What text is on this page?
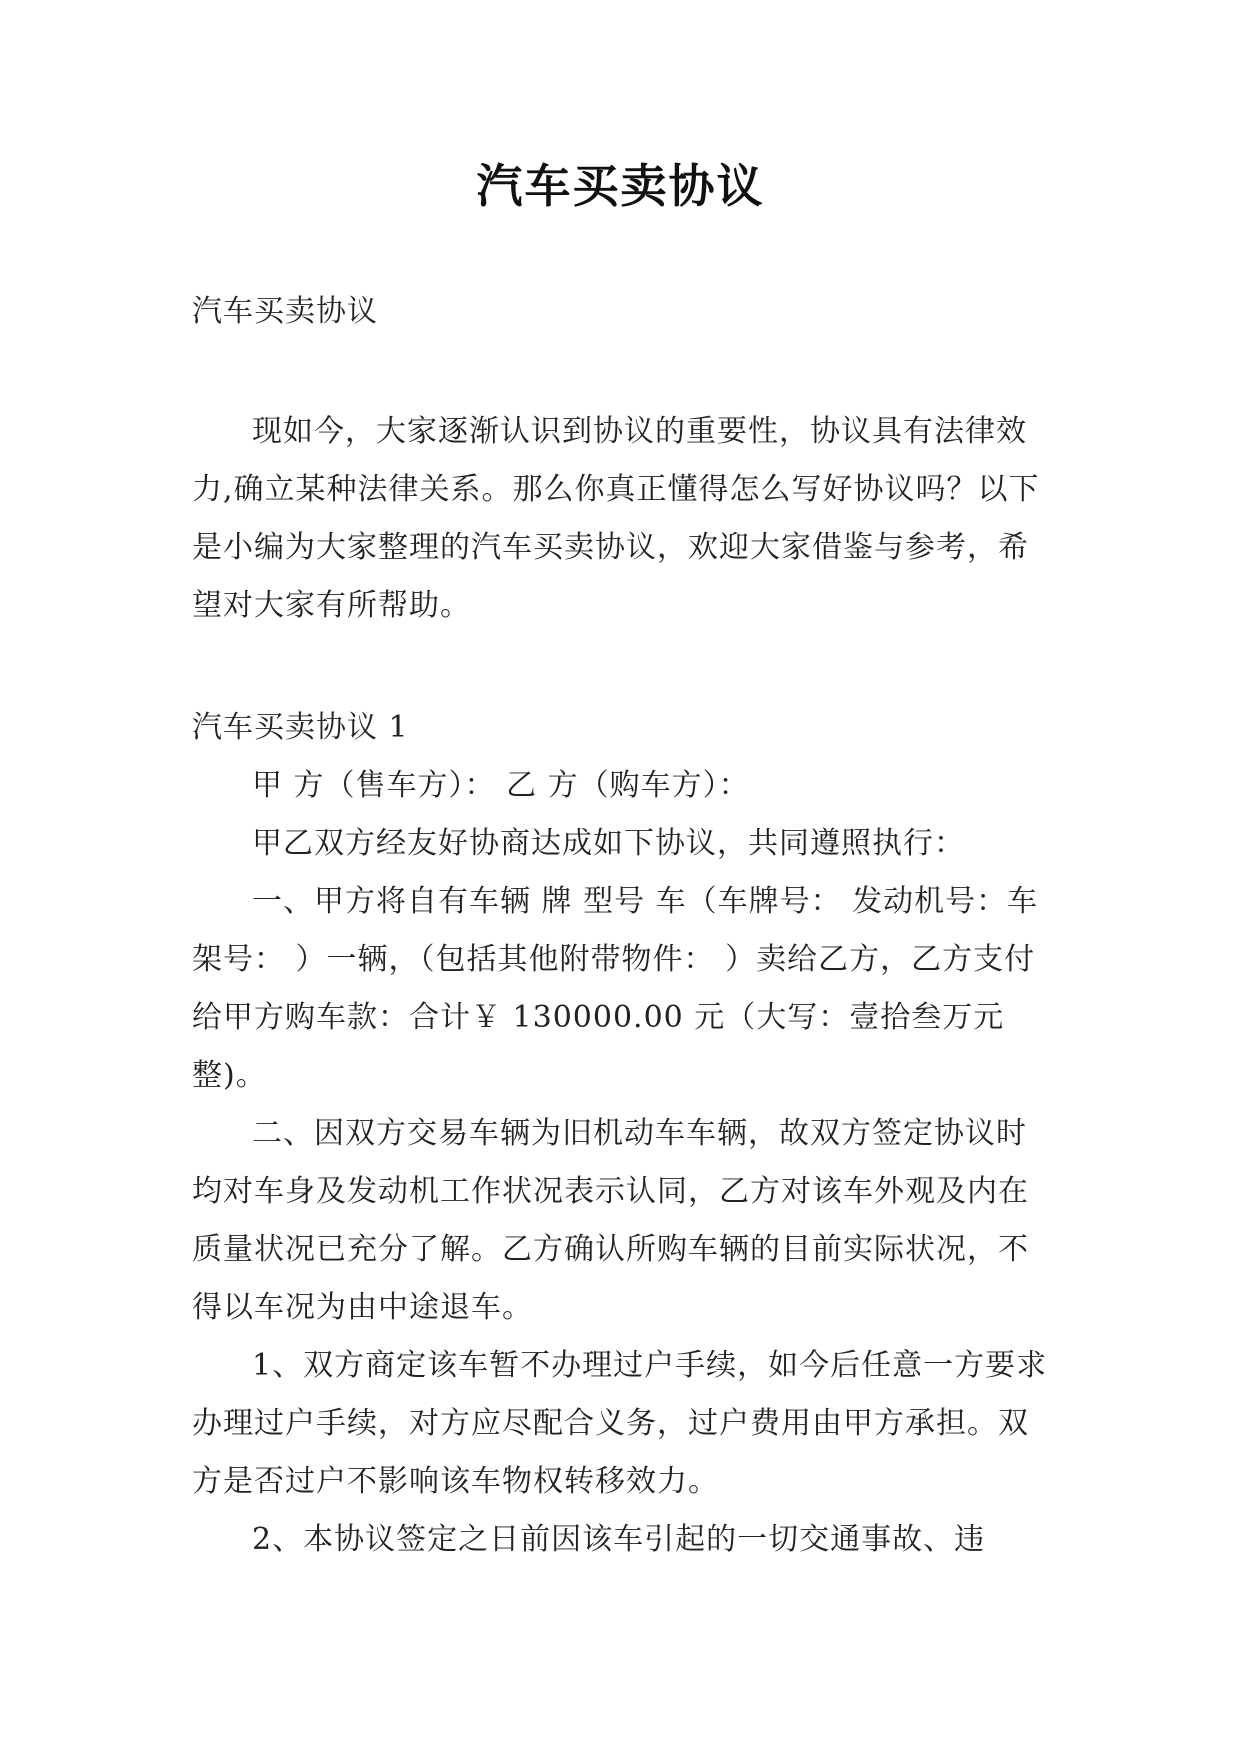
汽车买卖协议
汽车买卖协议

现如今，大家逐渐认识到协议的重要性，协议具有法律效力,确立某种法律关系。那么你真正懂得怎么写好协议吗？以下是小编为大家整理的汽车买卖协议，欢迎大家借鉴与参考，希望对大家有所帮助。

汽车买卖协议 1

甲 方（售车方）： 乙 方（购车方）：

甲乙双方经友好协商达成如下协议，共同遵照执行：

一、甲方将自有车辆 牌 型号 车（车牌号： 发动机号：车架号： ）一辆，（包括其他附带物件： ）卖给乙方，乙方支付给甲方购车款：合计￥ 130000.00 元（大写：壹拾叁万元整)。

二、因双方交易车辆为旧机动车车辆，故双方签定协议时均对车身及发动机工作状况表示认同，乙方对该车外观及内在质量状况已充分了解。乙方确认所购车辆的目前实际状况，不得以车况为由中途退车。

1、双方商定该车暂不办理过户手续，如今后任意一方要求办理过户手续，对方应尽配合义务，过户费用由甲方承担。双方是否过户不影响该车物权转移效力。

2、本协议签定之日前因该车引起的一切交通事故、违
